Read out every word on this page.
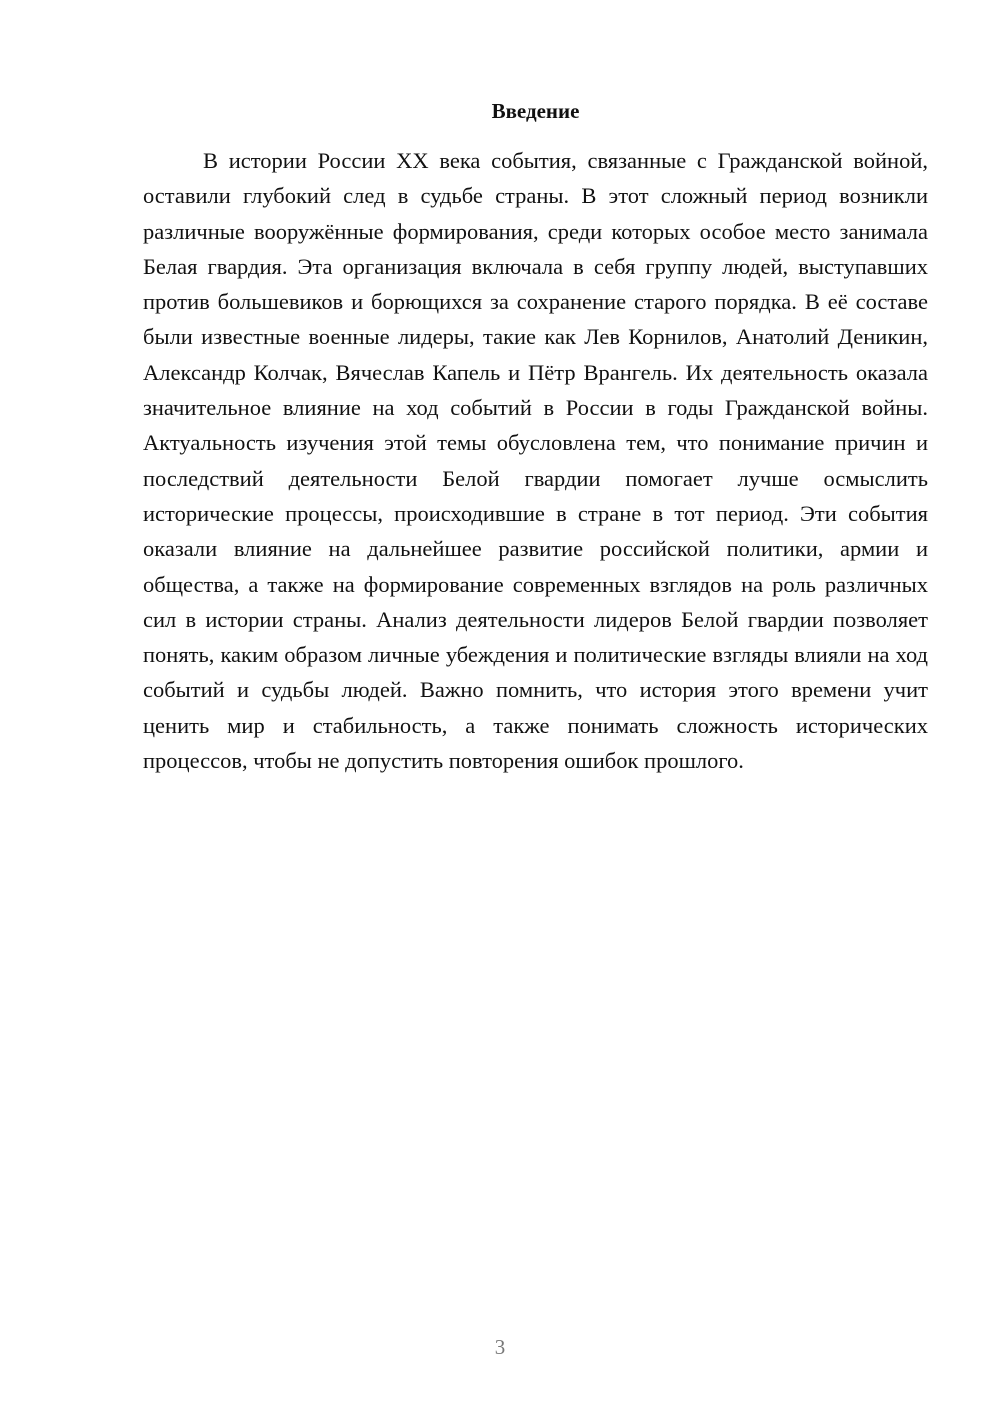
Введение

В истории России XX века события, связанные с Гражданской войной, оставили глубокий след в судьбе страны. В этот сложный период возникли различные вооружённые формирования, среди которых особое место занимала Белая гвардия. Эта организация включала в себя группу людей, выступавших против большевиков и борющихся за сохранение старого порядка. В её составе были известные военные лидеры, такие как Лев Корнилов, Анатолий Деникин, Александр Колчак, Вячеслав Капель и Пётр Врангель. Их деятельность оказала значительное влияние на ход событий в России в годы Гражданской войны. Актуальность изучения этой темы обусловлена тем, что понимание причин и последствий деятельности Белой гвардии помогает лучше осмыслить исторические процессы, происходившие в стране в тот период. Эти события оказали влияние на дальнейшее развитие российской политики, армии и общества, а также на формирование современных взглядов на роль различных сил в истории страны. Анализ деятельности лидеров Белой гвардии позволяет понять, каким образом личные убеждения и политические взгляды влияли на ход событий и судьбы людей. Важно помнить, что история этого времени учит ценить мир и стабильность, а также понимать сложность исторических процессов, чтобы не допустить повторения ошибок прошлого.

3
